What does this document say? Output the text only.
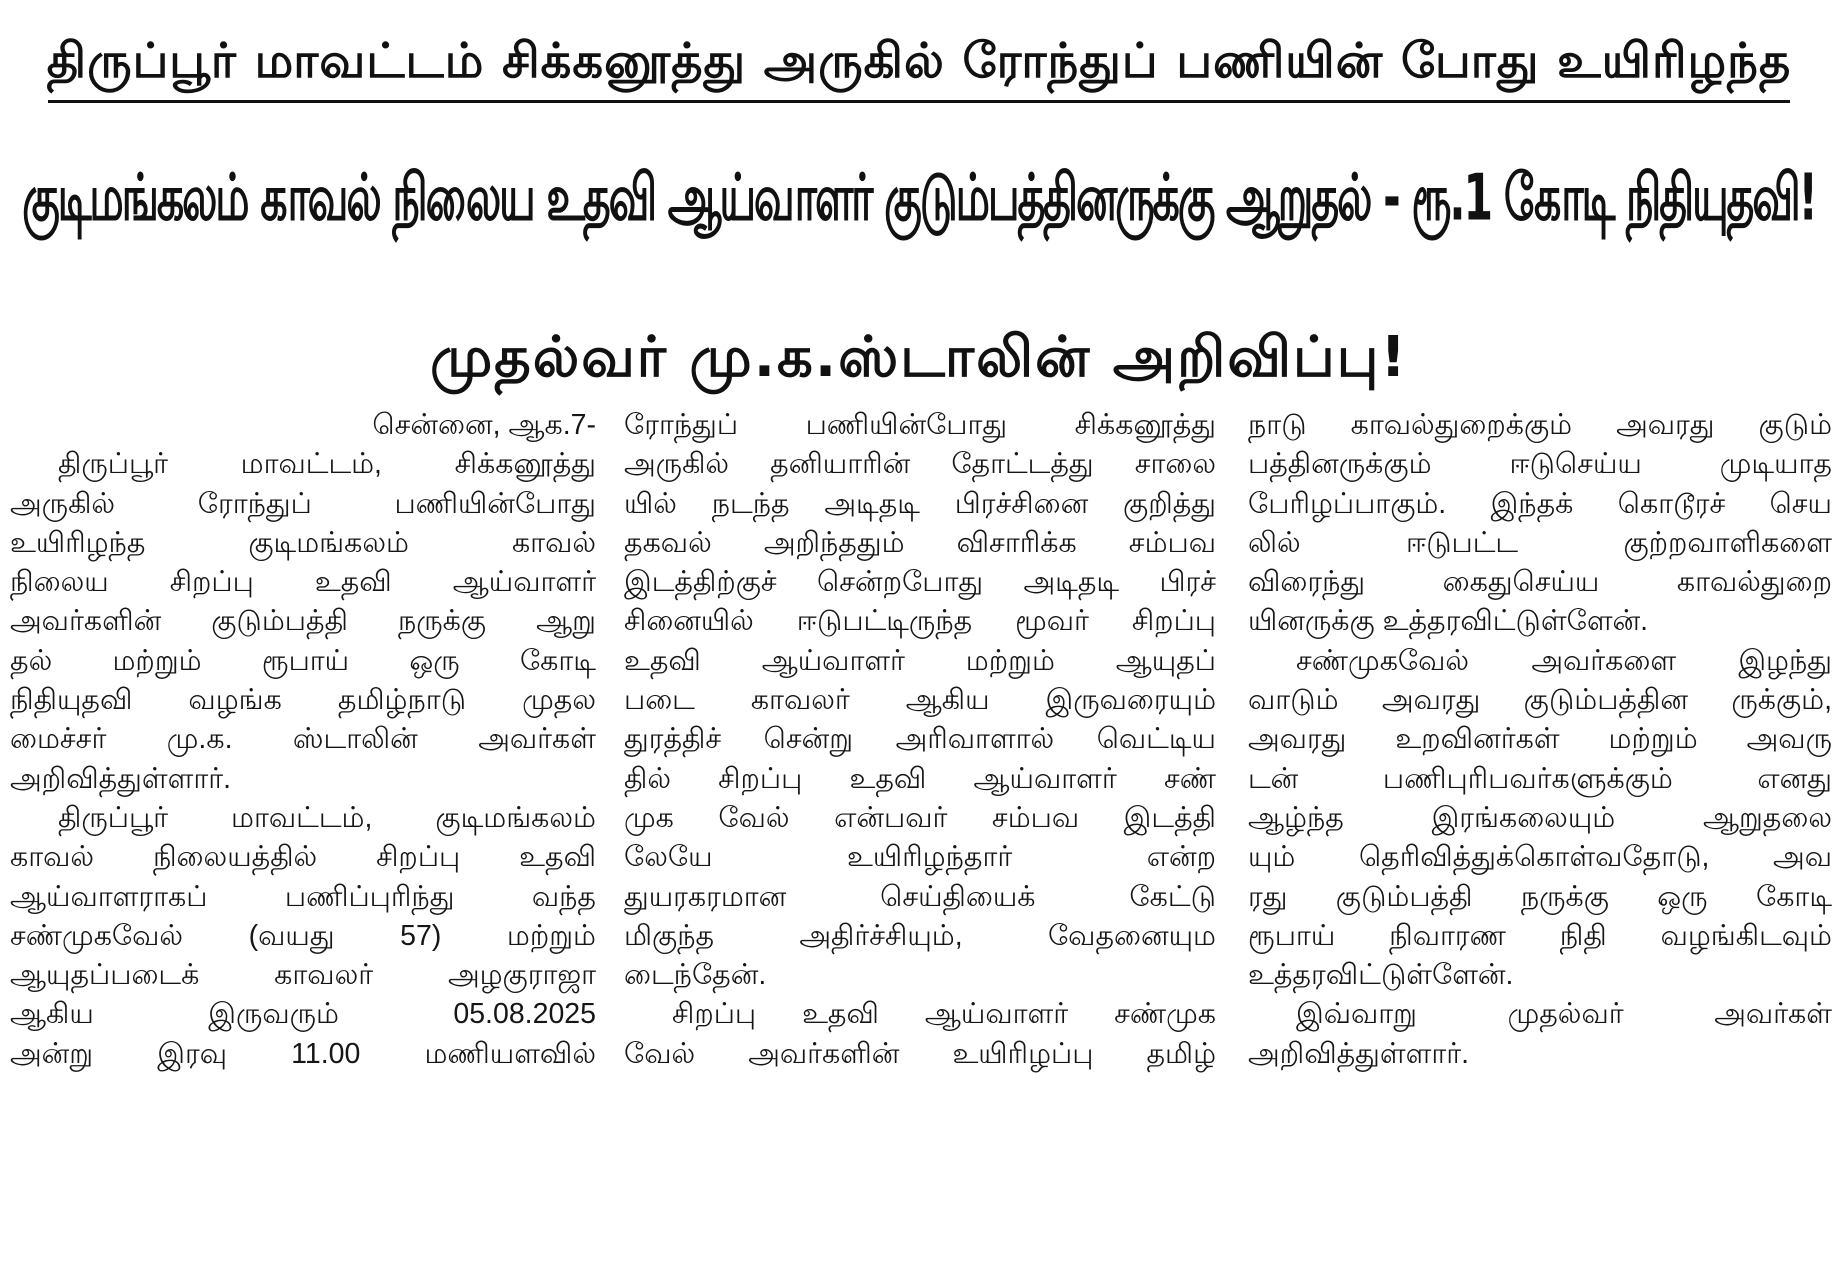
திருப்பூர் மாவட்டம் சிக்கனூத்து அருகில் ரோந்துப் பணியின் போது உயிரிழந்த
குடிமங்கலம் காவல் நிலைய உதவி ஆய்வாளர் குடும்பத்தினருக்கு ஆறுதல் - ரூ.1 கோடி நிதியுதவி!
முதல்வர் மு.க.ஸ்டாலின் அறிவிப்பு!
சென்னை, ஆக.7-
திருப்பூர் மாவட்டம், சிக்கனூத்து
அருகில் ரோந்துப் பணியின்போது
உயிரிழந்த குடிமங்கலம் காவல்
நிலைய சிறப்பு உதவி ஆய்வாளர்
அவர்களின் குடும்பத்தி நருக்கு ஆறு
தல் மற்றும் ரூபாய் ஒரு கோடி
நிதியுதவி வழங்க தமிழ்நாடு முதல
மைச்சர் மு.க. ஸ்டாலின் அவர்கள்
அறிவித்துள்ளார்.
திருப்பூர் மாவட்டம், குடிமங்கலம்
காவல் நிலையத்தில் சிறப்பு உதவி
ஆய்வாளராகப் பணிப்புரிந்து வந்த
சண்முகவேல் (வயது 57) மற்றும்
ஆயுதப்படைக் காவலர் அழகுராஜா
ஆகிய இருவரும் 05.08.2025
அன்று இரவு 11.00 மணியளவில்
ரோந்துப் பணியின்போது சிக்கனூத்து
அருகில் தனியாரின் தோட்டத்து சாலை
யில் நடந்த அடிதடி பிரச்சினை குறித்து
தகவல் அறிந்ததும் விசாரிக்க சம்பவ
இடத்திற்குச் சென்றபோது அடிதடி பிரச்
சினையில் ஈடுபட்டிருந்த மூவர் சிறப்பு
உதவி ஆய்வாளர் மற்றும் ஆயுதப்
படை காவலர் ஆகிய இருவரையும்
துரத்திச் சென்று அரிவாளால் வெட்டிய
தில் சிறப்பு உதவி ஆய்வாளர் சண்
முக வேல் என்பவர் சம்பவ இடத்தி
லேயே உயிரிழந்தார் என்ற
துயரகரமான செய்தியைக் கேட்டு
மிகுந்த அதிர்ச்சியும், வேதனையும
டைந்தேன்.
சிறப்பு உதவி ஆய்வாளர் சண்முக
வேல் அவர்களின் உயிரிழப்பு தமிழ்
நாடு காவல்துறைக்கும் அவரது குடும்
பத்தினருக்கும் ஈடுசெய்ய முடியாத
பேரிழப்பாகும். இந்தக் கொடூரச் செய
லில் ஈடுபட்ட குற்றவாளிகளை
விரைந்து கைதுசெய்ய காவல்துறை
யினருக்கு உத்தரவிட்டுள்ளேன்.
சண்முகவேல் அவர்களை இழந்து
வாடும் அவரது குடும்பத்தின ருக்கும்,
அவரது உறவினர்கள் மற்றும் அவரு
டன் பணிபுரிபவர்களுக்கும் எனது
ஆழ்ந்த இரங்கலையும் ஆறுதலை
யும் தெரிவித்துக்கொள்வதோடு, அவ
ரது குடும்பத்தி நருக்கு ஒரு கோடி
ரூபாய் நிவாரண நிதி வழங்கிடவும்
உத்தரவிட்டுள்ளேன்.
இவ்வாறு முதல்வர் அவர்கள்
அறிவித்துள்ளார்.
